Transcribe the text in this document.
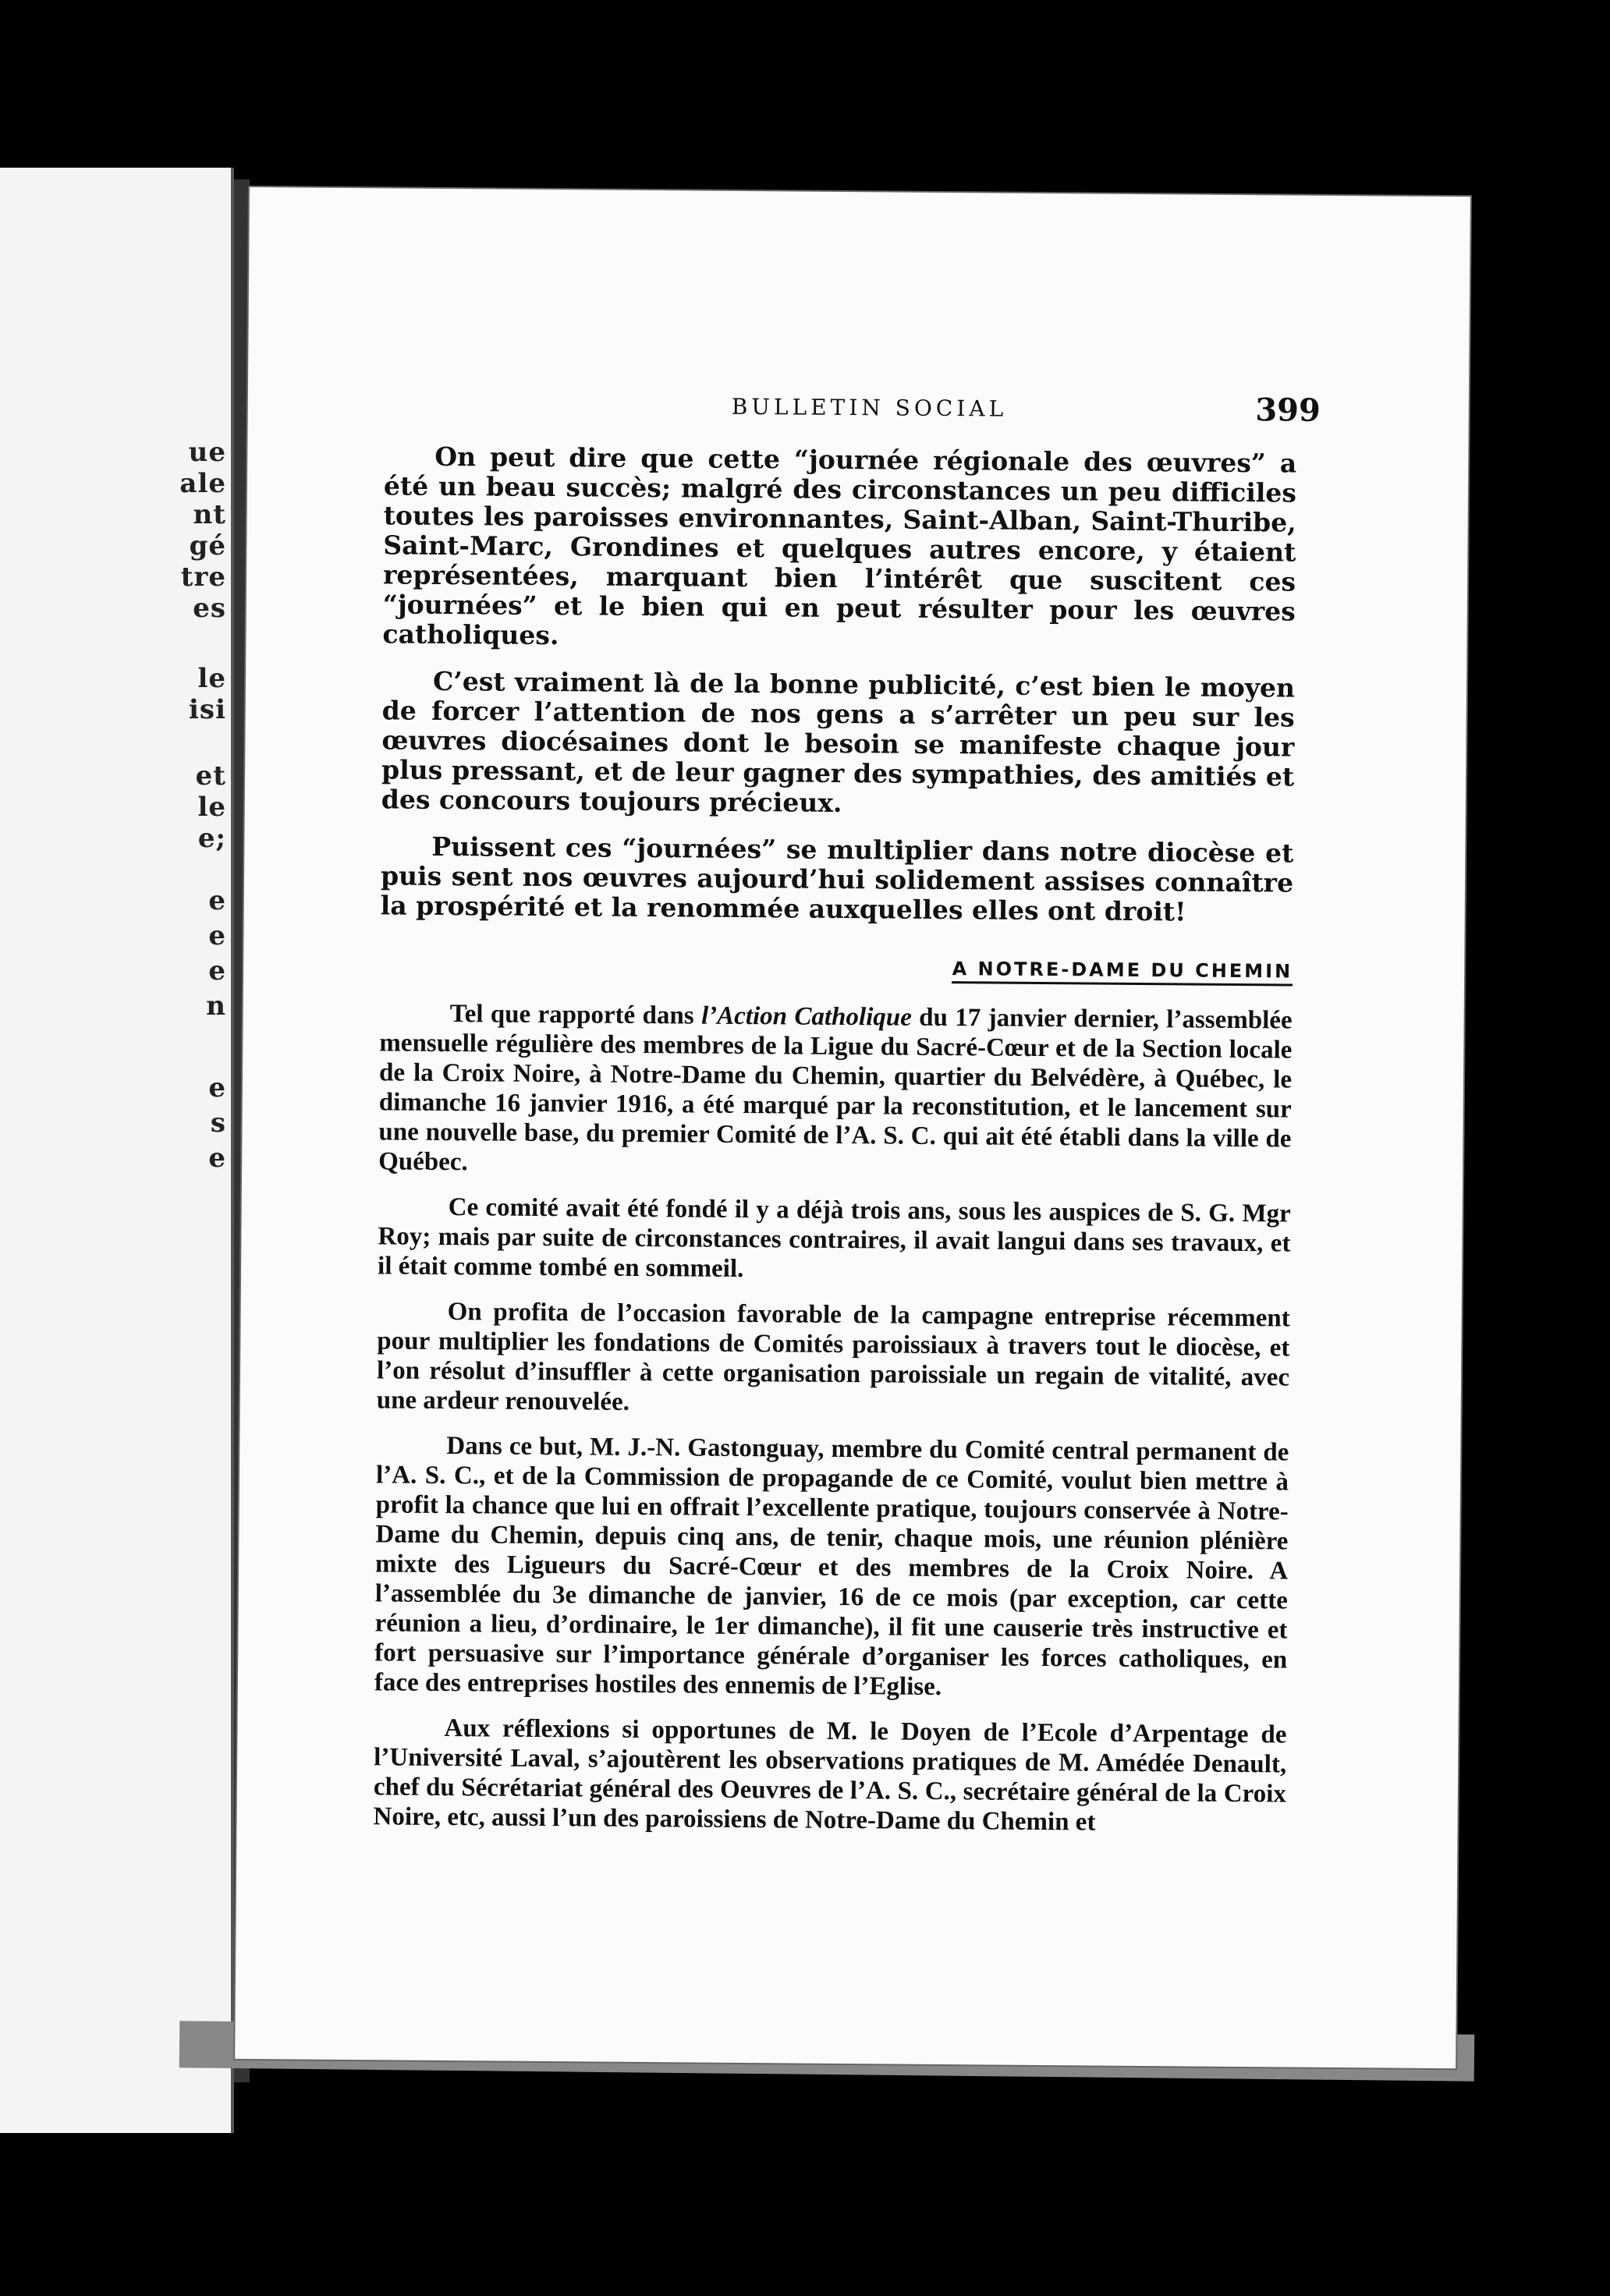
ue
ale
nt
gé
tre
es
le
isi
et
le
e;
e
e
e
n
e
s
e
BULLETIN SOCIAL	399

On peut dire que cette “journée régionale des œuvres” a été un beau succès; malgré des circonstances un peu difficiles toutes les paroisses environnantes, Saint-Alban, Saint-Thuribe, Saint-Marc, Grondines et quelques autres encore, y étaient représentées, marquant bien l’intérêt que suscitent ces “journées” et le bien qui en peut résulter pour les œuvres catholiques.

C’est vraiment là de la bonne publicité, c’est bien le moyen de forcer l’attention de nos gens a s’arrêter un peu sur les œuvres diocésaines dont le besoin se manifeste chaque jour plus pressant, et de leur gagner des sympathies, des amitiés et des concours toujours précieux.

Puissent ces “journées” se multiplier dans notre diocèse et puis sent nos œuvres aujourd’hui solidement assises connaître la prospérité et la renommée auxquelles elles ont droit!

A NOTRE-DAME DU CHEMIN

Tel que rapporté dans l’Action Catholique du 17 janvier dernier, l’assemblée mensuelle régulière des membres de la Ligue du Sacré-Cœur et de la Section locale de la Croix Noire, à Notre-Dame du Chemin, quartier du Belvédère, à Québec, le dimanche 16 janvier 1916, a été marqué par la reconstitution, et le lancement sur une nouvelle base, du premier Comité de l’A. S. C. qui ait été établi dans la ville de Québec.

Ce comité avait été fondé il y a déjà trois ans, sous les auspices de S. G. Mgr Roy; mais par suite de circonstances contraires, il avait langui dans ses travaux, et il était comme tombé en sommeil.

On profita de l’occasion favorable de la campagne entreprise récemment pour multiplier les fondations de Comités paroissiaux à travers tout le diocèse, et l’on résolut d’insuffler à cette organisation paroissiale un regain de vitalité, avec une ardeur renouvelée.

Dans ce but, M. J.-N. Gastonguay, membre du Comité central permanent de l’A. S. C., et de la Commission de propagande de ce Comité, voulut bien mettre à profit la chance que lui en offrait l’excellente pratique, toujours conservée à Notre-Dame du Chemin, depuis cinq ans, de tenir, chaque mois, une réunion plénière mixte des Ligueurs du Sacré-Cœur et des membres de la Croix Noire. A l’assemblée du 3e dimanche de janvier, 16 de ce mois (par exception, car cette réunion a lieu, d’ordinaire, le 1er dimanche), il fit une causerie très instructive et fort persuasive sur l’importance générale d’organiser les forces catholiques, en face des entreprises hostiles des ennemis de l’Eglise.

Aux réflexions si opportunes de M. le Doyen de l’Ecole d’Arpentage de l’Université Laval, s’ajoutèrent les observations pratiques de M. Amédée Denault, chef du Sécrétariat général des Oeuvres de l’A. S. C., secrétaire général de la Croix Noire, etc, aussi l’un des paroissiens de Notre-Dame du Chemin et
